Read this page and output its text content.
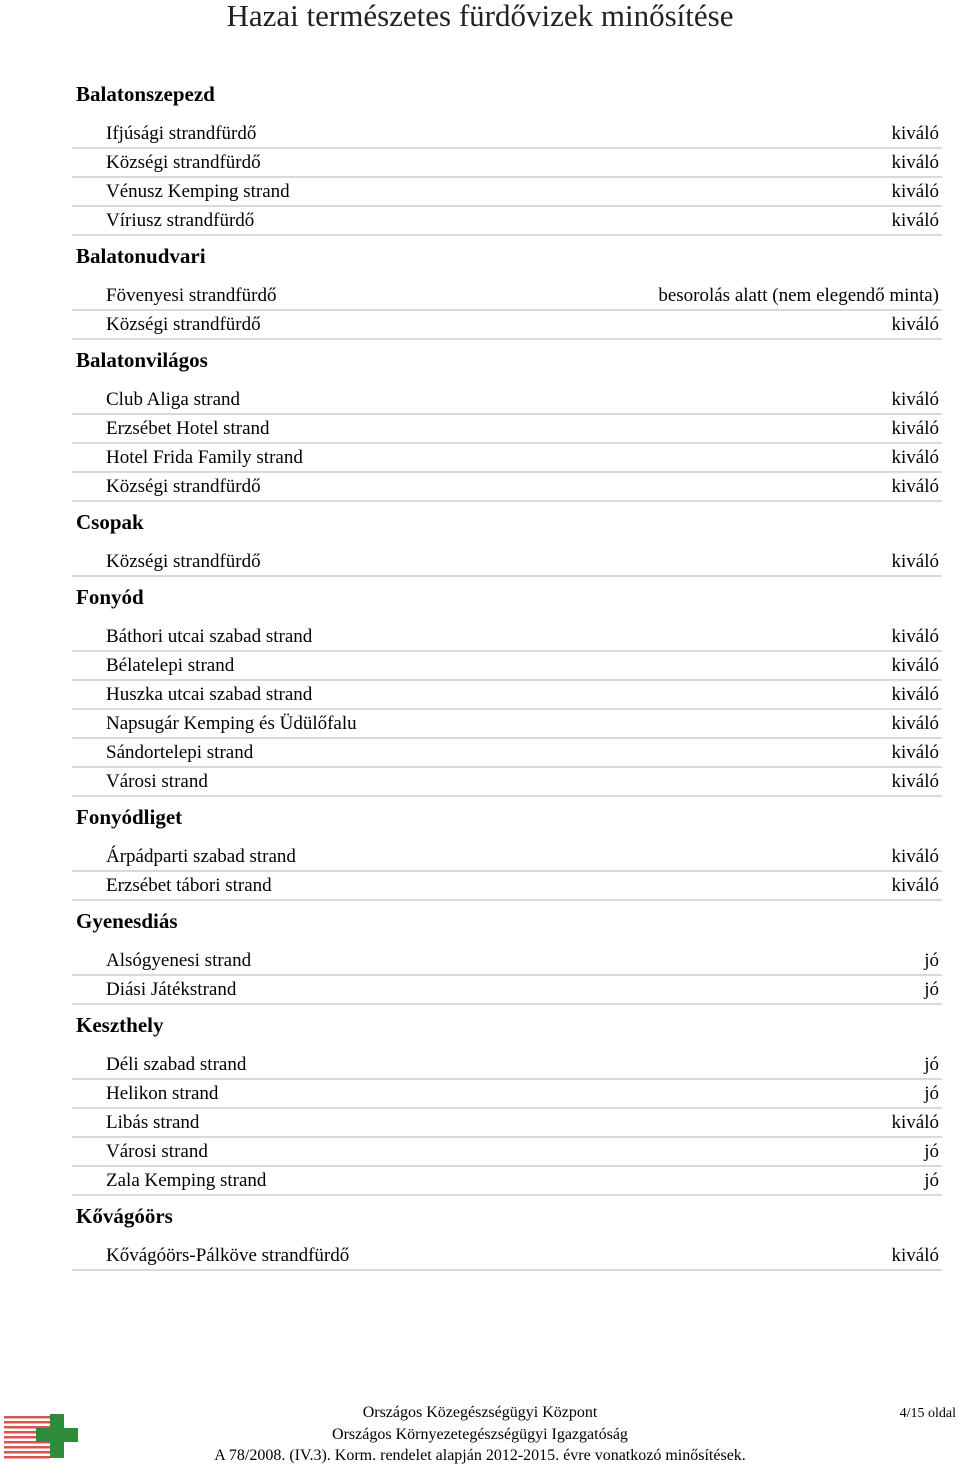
Hazai természetes fürdővizek minősítése
Balatonszepezd
Ifjúsági strandfürdő	kiváló
Községi strandfürdő	kiváló
Vénusz Kemping strand	kiváló
Víriusz strandfürdő	kiváló
Balatonudvari
Fövenyesi strandfürdő	besorolás alatt (nem elegendő minta)
Községi strandfürdő	kiváló
Balatonvilágos
Club Aliga strand	kiváló
Erzsébet Hotel strand	kiváló
Hotel Frida Family strand	kiváló
Községi strandfürdő	kiváló
Csopak
Községi strandfürdő	kiváló
Fonyód
Báthori utcai szabad strand	kiváló
Bélatelepi strand	kiváló
Huszka utcai szabad strand	kiváló
Napsugár Kemping és Üdülőfalu	kiváló
Sándortelepi strand	kiváló
Városi strand	kiváló
Fonyódliget
Árpádparti szabad strand	kiváló
Erzsébet tábori strand	kiváló
Gyenesdiás
Alsógyenesi strand	jó
Diási Játékstrand	jó
Keszthely
Déli szabad strand	jó
Helikon strand	jó
Libás strand	kiváló
Városi strand	jó
Zala Kemping strand	jó
Kővágóörs
Kővágóörs-Pálköve strandfürdő	kiváló
Országos Közegészségügyi Központ
Országos Környezetegészségügyi Igazgatóság
A 78/2008. (IV.3). Korm. rendelet alapján 2012-2015. évre vonatkozó minősítések.
4/15 oldal
